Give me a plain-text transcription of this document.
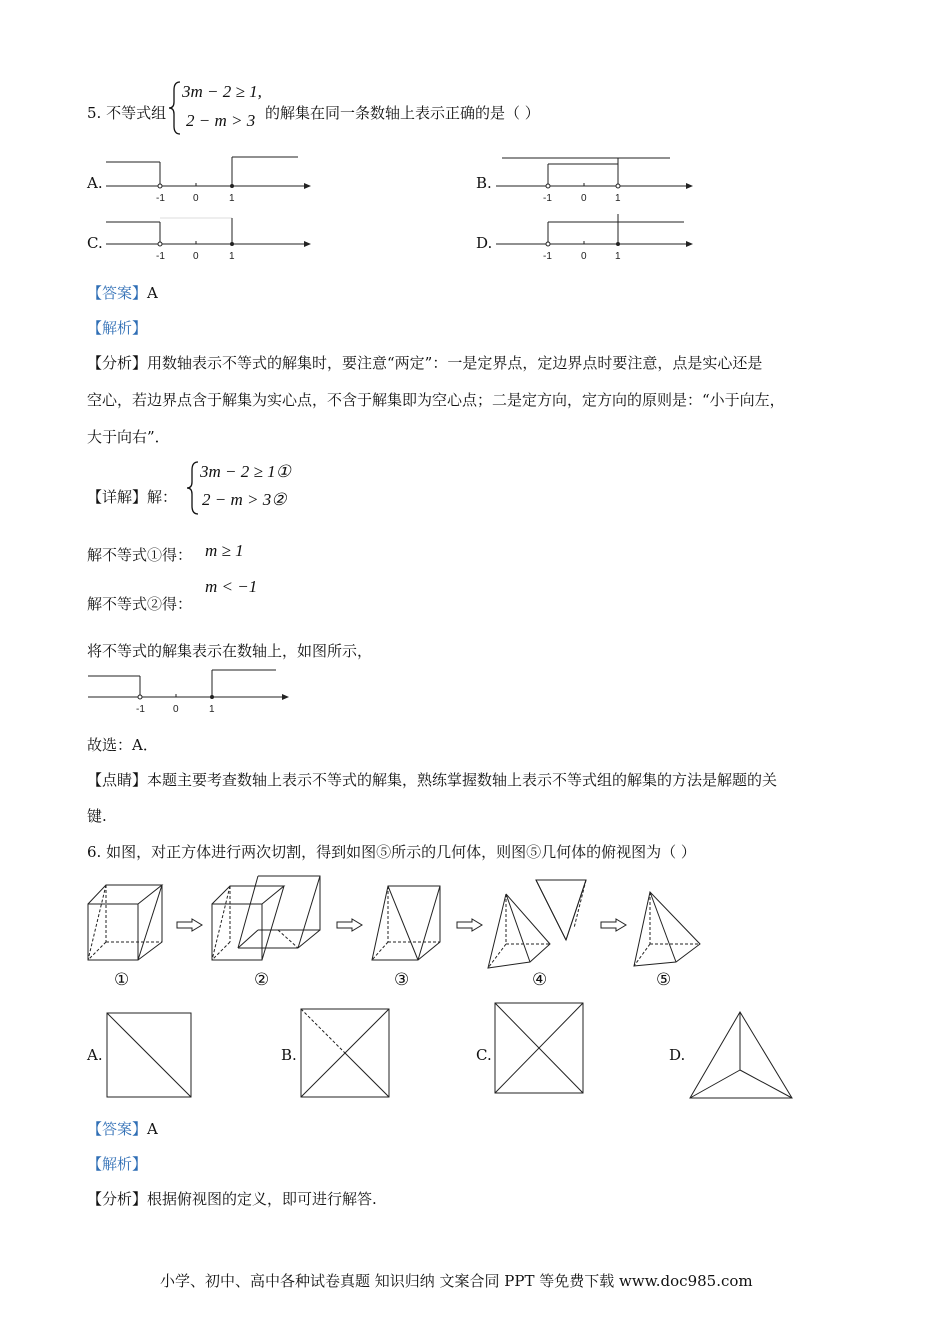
5. 不等式组
3m − 2 ≥ 1,
2 − m > 3 的解集在同一条数轴上表示正确的是（ ）
A.
-1	0	1
B.
-1	0	1
C.
-1	0	1
D.
-1	0	1
【答案】A
【解析】
【分析】用数轴表示不等式的解集时，要注意“两定”：一是定界点，定边界点时要注意，点是实心还是
空心，若边界点含于解集为实心点，不含于解集即为空心点；二是定方向，定方向的原则是：“小于向左，
大于向右”．
【详解】解：
3m − 2 ≥ 1①
2 − m > 3②
解不等式①得： m ≥ 1
解不等式②得：
m < −1
将不等式的解集表示在数轴上，如图所示，
-1	0	1
故选：A．
【点睛】本题主要考查数轴上表示不等式的解集，熟练掌握数轴上表示不等式组的解集的方法是解题的关
键.
6. 如图，对正方体进行两次切割，得到如图⑤所示的几何体，则图⑤几何体的俯视图为（ ）
①	②	③	④	⑤
A.	B.	C.	D.
【答案】A
【解析】
【分析】根据俯视图的定义，即可进行解答.
小学、初中、高中各种试卷真题 知识归纳 文案合同 PPT 等免费下载 www.doc985.com
